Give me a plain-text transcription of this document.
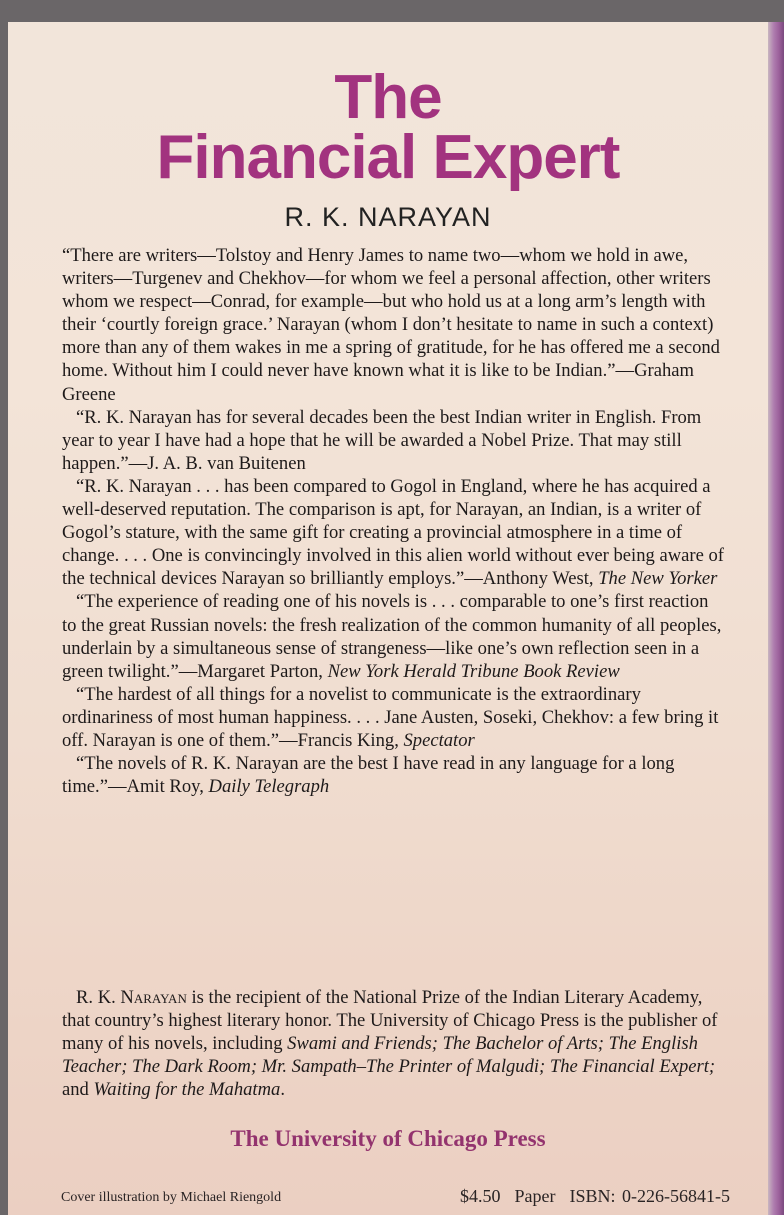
The
Financial Expert
R. K. NARAYAN

“There are writers—Tolstoy and Henry James to name two—whom we hold in awe, writers—Turgenev and Chekhov—for whom we feel a personal affection, other writers whom we respect—Conrad, for example—but who hold us at a long arm’s length with their ‘courtly foreign grace.’ Narayan (whom I don’t hesitate to name in such a context) more than any of them wakes in me a spring of gratitude, for he has offered me a second home. Without him I could never have known what it is like to be Indian.”—Graham Greene

“R. K. Narayan has for several decades been the best Indian writer in English. From year to year I have had a hope that he will be awarded a Nobel Prize. That may still happen.”—J. A. B. van Buitenen

“R. K. Narayan . . . has been compared to Gogol in England, where he has acquired a well-deserved reputation. The comparison is apt, for Narayan, an Indian, is a writer of Gogol’s stature, with the same gift for creating a provincial atmosphere in a time of change. . . . One is convincingly involved in this alien world without ever being aware of the technical devices Narayan so brilliantly employs.”—Anthony West, The New Yorker

“The experience of reading one of his novels is . . . comparable to one’s first reaction to the great Russian novels: the fresh realization of the common humanity of all peoples, underlain by a simultaneous sense of strangeness—like one’s own reflection seen in a green twilight.”—Margaret Parton, New York Herald Tribune Book Review

“The hardest of all things for a novelist to communicate is the extraordinary ordinariness of most human happiness. . . . Jane Austen, Soseki, Chekhov: a few bring it off. Narayan is one of them.”—Francis King, Spectator

“The novels of R. K. Narayan are the best I have read in any language for a long time.”—Amit Roy, Daily Telegraph

R. K. Narayan is the recipient of the National Prize of the Indian Literary Academy, that country’s highest literary honor. The University of Chicago Press is the publisher of many of his novels, including Swami and Friends; The Bachelor of Arts; The English Teacher; The Dark Room; Mr. Sampath–The Printer of Malgudi; The Financial Expert; and Waiting for the Mahatma.
The University of Chicago Press
Cover illustration by Michael Riengold	$4.50 Paper ISBN: 0-226-56841-5
